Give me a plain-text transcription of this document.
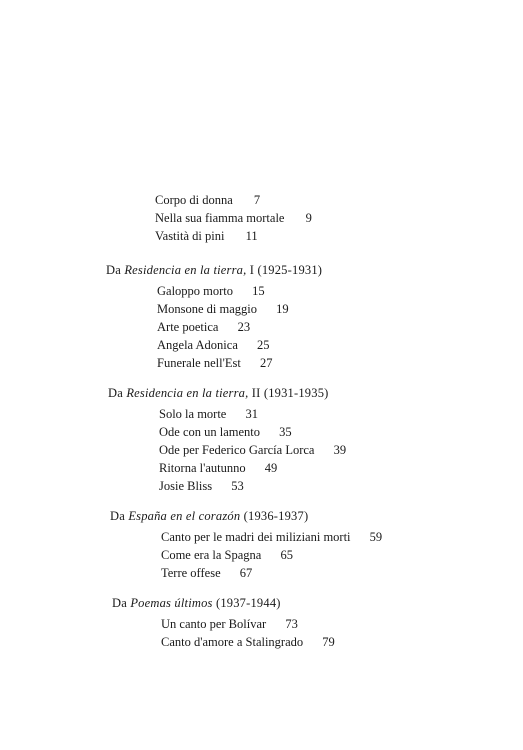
Corpo di donna 7
Nella sua fiamma mortale 9
Vastità di pini 11
Da Residencia en la tierra, I (1925-1931)
Galoppo morto 15
Monsone di maggio 19
Arte poetica 23
Angela Adonica 25
Funerale nell'Est 27
Da Residencia en la tierra, II (1931-1935)
Solo la morte 31
Ode con un lamento 35
Ode per Federico García Lorca 39
Ritorna l'autunno 49
Josie Bliss 53
Da España en el corazón (1936-1937)
Canto per le madri dei miliziani morti 59
Come era la Spagna 65
Terre offese 67
Da Poemas últimos (1937-1944)
Un canto per Bolívar 73
Canto d'amore a Stalingrado 79
